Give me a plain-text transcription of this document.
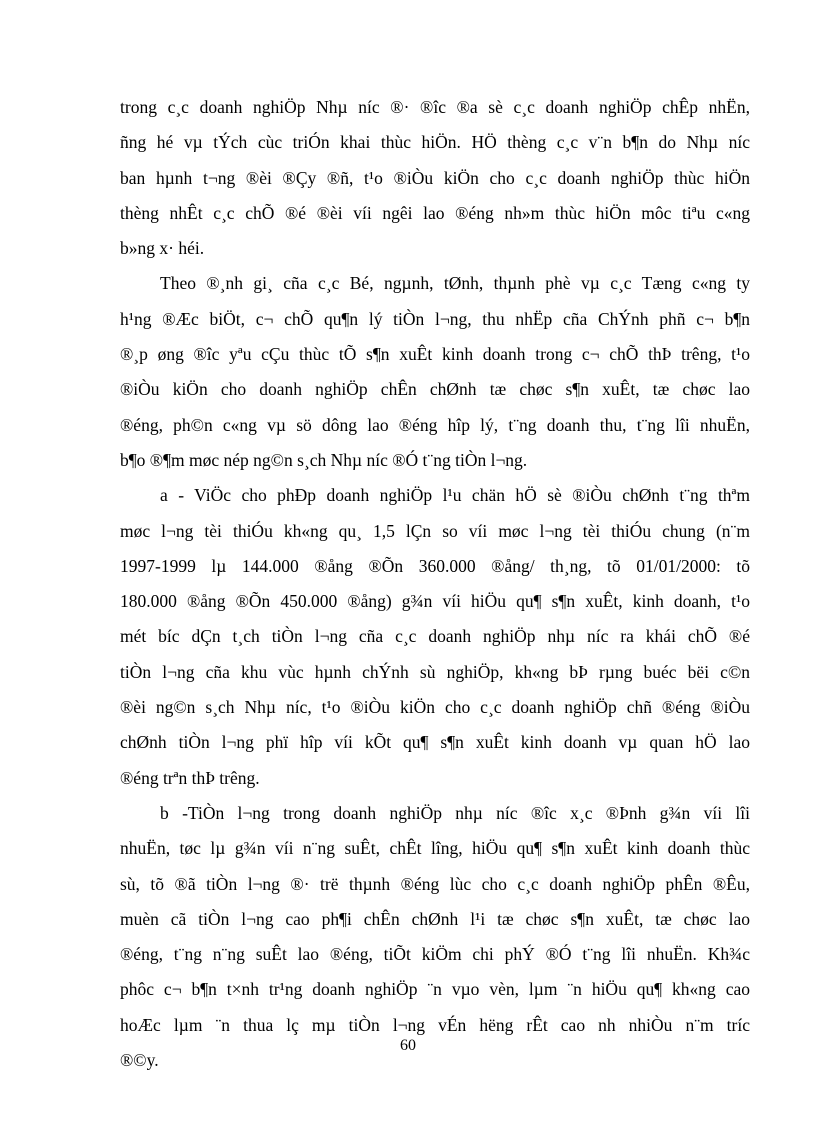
trong c¸c doanh nghiÖp Nhµ níc ®· ®îc ®a sè c¸c doanh nghiÖp chÊp nhËn,
ñng hé vµ tÝch cùc triÓn khai thùc hiÖn. HÖ thèng c¸c v¨n b¶n do Nhµ níc
ban hµnh t¬ng ®èi ®Çy ®ñ, t¹o ®iÒu kiÖn cho c¸c doanh nghiÖp thùc hiÖn
thèng nhÊt c¸c chÕ ®é ®èi víi ngêi lao ®éng nh»m thùc hiÖn môc tiªu c«ng
b»ng x· héi.
Theo ®¸nh gi¸ cña c¸c Bé, ngµnh, tØnh, thµnh phè vµ c¸c Tæng c«ng ty
h¹ng ®Æc biÖt, c¬ chÕ qu¶n lý tiÒn l¬ng, thu nhËp cña ChÝnh phñ c¬ b¶n
®¸p øng ®îc yªu cÇu thùc tÕ s¶n xuÊt kinh doanh trong c¬ chÕ thÞ trêng, t¹o
®iÒu kiÖn cho doanh nghiÖp chÊn chØnh tæ chøc s¶n xuÊt, tæ chøc lao
®éng, ph©n c«ng vµ sö dông lao ®éng hîp lý, t¨ng doanh thu, t¨ng lîi nhuËn,
b¶o ®¶m møc nép ng©n s¸ch Nhµ níc ®Ó t¨ng tiÒn l¬ng.
a - ViÖc cho phÐp doanh nghiÖp l¹u chän hÖ sè ®iÒu chØnh t¨ng thªm
møc l¬ng tèi thiÓu kh«ng qu¸ 1,5 lÇn so víi møc l¬ng tèi thiÓu chung (n¨m
1997-1999 lµ 144.000 ®ång ®Õn 360.000 ®ång/ th¸ng, tõ 01/01/2000: tõ
180.000 ®ång ®Õn 450.000 ®ång) g¾n víi hiÖu qu¶ s¶n xuÊt, kinh doanh, t¹o
mét bíc dÇn t¸ch tiÒn l¬ng cña c¸c doanh nghiÖp nhµ níc ra khái chÕ ®é
tiÒn l¬ng cña khu vùc hµnh chÝnh sù nghiÖp, kh«ng bÞ rµng buéc bëi c©n
®èi ng©n s¸ch Nhµ níc, t¹o ®iÒu kiÖn cho c¸c doanh nghiÖp chñ ®éng ®iÒu
chØnh tiÒn l¬ng phï hîp víi kÕt qu¶ s¶n xuÊt kinh doanh vµ quan hÖ lao
®éng trªn thÞ trêng.
b -TiÒn l¬ng trong doanh nghiÖp nhµ níc ®îc x¸c ®Þnh g¾n víi lîi
nhuËn, tøc lµ g¾n víi n¨ng suÊt, chÊt lîng, hiÖu qu¶ s¶n xuÊt kinh doanh thùc
sù, tõ ®ã tiÒn l¬ng ®· trë thµnh ®éng lùc cho c¸c doanh nghiÖp phÊn ®Êu,
muèn cã tiÒn l¬ng cao ph¶i chÊn chØnh l¹i tæ chøc s¶n xuÊt, tæ chøc lao
®éng, t¨ng n¨ng suÊt lao ®éng, tiÕt kiÖm chi phÝ ®Ó t¨ng lîi nhuËn. Kh¾c
phôc c¬ b¶n t×nh tr¹ng doanh nghiÖp ¨n vµo vèn, lµm ¨n hiÖu qu¶ kh«ng cao
hoÆc lµm ¨n thua lç mµ tiÒn l¬ng vÉn hëng rÊt cao nh nhiÒu n¨m tríc
®©y.
60
